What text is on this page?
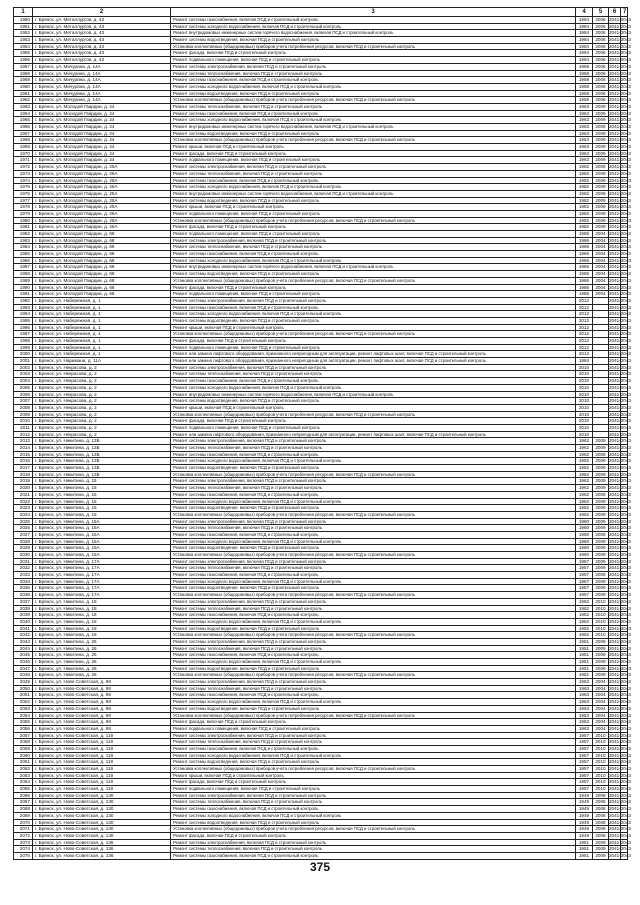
1	2	3	4	5	6	7
1950	г. Брянск, ул. Металлургов, д. 43	Ремонт системы газоснабжения, включая ПСД и строительный контроль	1984	2006	2041-2043	
1951	г. Брянск, ул. Металлургов, д. 43	Ремонт системы холодного водоснабжения, включая ПСД и строительный контроль	1984	2006	2041-2043	
1952	г. Брянск, ул. Металлургов, д. 43	Ремонт внутридомовых инженерных систем горячего водоснабжения, включая ПСД и строительный контроль	1984	2006	2041-2043	
1953	г. Брянск, ул. Металлургов, д. 43	Ремонт системы водоотведения, включая ПСД и строительный контроль	1984	2006	2041-2043	
1954	г. Брянск, ул. Металлургов, д. 43	Установка коллективных (общедомовых) приборов учета потребления ресурсов, включая ПСД и строительный контроль	1984	2006	2041-2043	
1955	г. Брянск, ул. Металлургов, д. 43	Ремонт фасада, включая ПСД и строительный контроль	1984	2006	2041-2043	
1956	г. Брянск, ул. Металлургов, д. 43	Ремонт подвального помещения, включая ПСД и строительный контроль	1984	2006	2041-2043	
1957	г. Брянск, ул. Мичурина, д. 14А	Ремонт системы электроснабжения, включая ПСД и строительный контроль	1958	2006	2041-2043	
1958	г. Брянск, ул. Мичурина, д. 14А	Ремонт системы теплоснабжения, включая ПСД и строительный контроль	1958	2006	2041-2043	
1959	г. Брянск, ул. Мичурина, д. 14А	Ремонт системы газоснабжения, включая ПСД и строительный контроль	1958	2006	2041-2043	
1960	г. Брянск, ул. Мичурина, д. 14А	Ремонт системы холодного водоснабжения, включая ПСД и строительный контроль	1958	2006	2041-2043	
1961	г. Брянск, ул. Мичурина, д. 14А	Ремонт системы водоотведения, включая ПСД и строительный контроль	1958	2006	2041-2043	
1962	г. Брянск, ул. Мичурина, д. 14А	Установка коллективных (общедомовых) приборов учета потребления ресурсов, включая ПСД и строительный контроль	1958	2006	2041-2043	
1963	г. Брянск, ул. Молодой Гвардии, д. 24	Ремонт системы теплоснабжения, включая ПСД и строительный контроль	1963	2009	2041-2043	
1964	г. Брянск, ул. Молодой Гвардии, д. 24	Ремонт системы газоснабжения, включая ПСД и строительный контроль	1963	2009	2041-2043	
1965	г. Брянск, ул. Молодой Гвардии, д. 24	Ремонт системы холодного водоснабжения, включая ПСД и строительный контроль	1963	2009	2041-2043	
1966	г. Брянск, ул. Молодой Гвардии, д. 24	Ремонт внутридомовых инженерных систем горячего водоснабжения, включая ПСД и строительный контроль	1963	2009	2041-2043	
1967	г. Брянск, ул. Молодой Гвардии, д. 24	Ремонт системы водоотведения, включая ПСД и строительный контроль	1963	2009	2041-2043	
1968	г. Брянск, ул. Молодой Гвардии, д. 24	Установка коллективных (общедомовых) приборов учета потребления ресурсов, включая ПСД и строительный контроль	1963	2009	2041-2043	
1969	г. Брянск, ул. Молодой Гвардии, д. 24	Ремонт крыши, включая ПСД и строительный контроль	1963	2009	2041-2043	
1970	г. Брянск, ул. Молодой Гвардии, д. 24	Ремонт фасада, включая ПСД и строительный контроль	1963	2009	2041-2043	
1971	г. Брянск, ул. Молодой Гвардии, д. 24	Ремонт подвального помещения, включая ПСД и строительный контроль	1963	2009	2041-2043	
1972	г. Брянск, ул. Молодой Гвардии, д. 25А	Ремонт системы электроснабжения, включая ПСД и строительный контроль	1982	2009	2041-2043	
1973	г. Брянск, ул. Молодой Гвардии, д. 25А	Ремонт системы теплоснабжения, включая ПСД и строительный контроль	1982	2009	2041-2043	
1974	г. Брянск, ул. Молодой Гвардии, д. 25А	Ремонт системы газоснабжения, включая ПСД и строительный контроль	1982	2009	2041-2043	
1975	г. Брянск, ул. Молодой Гвардии, д. 25А	Ремонт системы холодного водоснабжения, включая ПСД и строительный контроль	1982	2009	2041-2043	
1976	г. Брянск, ул. Молодой Гвардии, д. 25А	Ремонт внутридомовых инженерных систем горячего водоснабжения, включая ПСД и строительный контроль	1982	2009	2041-2043	
1977	г. Брянск, ул. Молодой Гвардии, д. 25А	Ремонт системы водоотведения, включая ПСД и строительный контроль	1982	2009	2041-2043	
1978	г. Брянск, ул. Молодой Гвардии, д. 25А	Ремонт крыши, включая ПСД и строительный контроль	1982	2009	2041-2043	
1979	г. Брянск, ул. Молодой Гвардии, д. 25А	Ремонт подвального помещения, включая ПСД и строительный контроль	1982	2009	2041-2043	
1980	г. Брянск, ул. Молодой Гвардии, д. 25А	Установка коллективных (общедомовых) приборов учета потребления ресурсов, включая ПСД и строительный контроль	1982	2009	2041-2043	
1981	г. Брянск, ул. Молодой Гвардии, д. 25А	Ремонт фасада, включая ПСД и строительный контроль	1982	2009	2041-2043	
1982	г. Брянск, ул. Молодой Гвардии, д. 68	Ремонт подвального помещения, включая ПСД и строительный контроль	1986	2004	2041-2043	
1983	г. Брянск, ул. Молодой Гвардии, д. 68	Ремонт системы электроснабжения, включая ПСД и строительный контроль	1986	2004	2041-2043	
1984	г. Брянск, ул. Молодой Гвардии, д. 68	Ремонт системы теплоснабжения, включая ПСД и строительный контроль	1986	2004	2041-2043	
1985	г. Брянск, ул. Молодой Гвардии, д. 68	Ремонт системы газоснабжения, включая ПСД и строительный контроль	1986	2004	2041-2043	
1986	г. Брянск, ул. Молодой Гвардии, д. 68	Ремонт системы холодного водоснабжения, включая ПСД и строительный контроль	1986	2004	2041-2043	
1987	г. Брянск, ул. Молодой Гвардии, д. 68	Ремонт внутридомовых инженерных систем горячего водоснабжения, включая ПСД и строительный контроль	1986	2004	2041-2043	
1988	г. Брянск, ул. Молодой Гвардии, д. 68	Ремонт системы водоотведения, включая ПСД и строительный контроль	1986	2004	2041-2043	
1989	г. Брянск, ул. Молодой Гвардии, д. 68	Установка коллективных (общедомовых) приборов учета потребления ресурсов, включая ПСД и строительный контроль	1986	2004	2041-2043	
1990	г. Брянск, ул. Молодой Гвардии, д. 68	Ремонт фасада, включая ПСД и строительный контроль	1986	2004	2041-2043	
1991	г. Брянск, ул. Молодой Гвардии, д. 68	Ремонт подвального помещения, включая ПСД и строительный контроль	1986	2004	2041-2043	
1992	г. Брянск, ул. Набережная, д. 1	Ремонт системы электроснабжения, включая ПСД и строительный контроль	2012		2041-2043	
1993	г. Брянск, ул. Набережная, д. 1	Ремонт системы газоснабжения, включая ПСД и строительный контроль	2012		2041-2043	
1994	г. Брянск, ул. Набережная, д. 1	Ремонт системы холодного водоснабжения, включая ПСД и строительный контроль	2012		2041-2043	
1995	г. Брянск, ул. Набережная, д. 1	Ремонт системы водоотведения, включая ПСД и строительный контроль	2012		2041-2043	
1996	г. Брянск, ул. Набережная, д. 1	Ремонт крыши, включая ПСД и строительный контроль	2012		2041-2043	
1997	г. Брянск, ул. Набережная, д. 1	Установка коллективных (общедомовых) приборов учета потребления ресурсов, включая ПСД и строительный контроль	2012		2041-2043	
1998	г. Брянск, ул. Набережная, д. 1	Ремонт фасада, включая ПСД и строительный контроль	2012		2041-2043	
1999	г. Брянск, ул. Набережная, д. 1	Ремонт подвального помещения, включая ПСД и строительный контроль	2012		2041-2043	
2000	г. Брянск, ул. Набережная, д. 1	Ремонт или замена лифтового оборудования, признанного непригодным для эксплуатации, ремонт лифтовых шахт, включая ПСД и строительный контроль	2012		2041-2043	
2001	г. Брянск, ул. Наримана, д. 11А	Ремонт или замена лифтового оборудования, признанного непригодным для эксплуатации, ремонт лифтовых шахт, включая ПСД и строительный контроль	1984		2041-2043	
2002	г. Брянск, ул. Некрасова, д. 2	Ремонт системы электроснабжения, включая ПСД и строительный контроль	2010		2041-2043	
2003	г. Брянск, ул. Некрасова, д. 2	Ремонт системы теплоснабжения, включая ПСД и строительный контроль	2010		2041-2043	
2004	г. Брянск, ул. Некрасова, д. 2	Ремонт системы газоснабжения, включая ПСД и строительный контроль	2010		2041-2043	
2005	г. Брянск, ул. Некрасова, д. 2	Ремонт системы холодного водоснабжения, включая ПСД и строительный контроль	2010		2041-2043	
2006	г. Брянск, ул. Некрасова, д. 2	Ремонт внутридомовых инженерных систем горячего водоснабжения, включая ПСД и строительный контроль	2010		2041-2043	
2007	г. Брянск, ул. Некрасова, д. 2	Ремонт системы водоотведения, включая ПСД и строительный контроль	2010		2041-2043	
2008	г. Брянск, ул. Некрасова, д. 2	Ремонт крыши, включая ПСД и строительный контроль	2010		2041-2043	
2009	г. Брянск, ул. Некрасова, д. 2	Установка коллективных (общедомовых) приборов учета потребления ресурсов, включая ПСД и строительный контроль	2010		2041-2043	
2010	г. Брянск, ул. Некрасова, д. 2	Ремонт фасада, включая ПСД и строительный контроль	2010		2041-2043	
2011	г. Брянск, ул. Некрасова, д. 2	Ремонт подвального помещения, включая ПСД и строительный контроль	2010		2041-2043	
2012	г. Брянск, ул. Некрасова, д. 2	Ремонт или замена лифтового оборудования, признанного непригодным для эксплуатации, ремонт лифтовых шахт, включая ПСД и строительный контроль	2010		2041-2043	
2013	г. Брянск, ул. Никитина, д. 13Б	Ремонт системы электроснабжения, включая ПСД и строительный контроль	1962	2009	2041-2043	
2014	г. Брянск, ул. Никитина, д. 13Б	Ремонт системы теплоснабжения, включая ПСД и строительный контроль	1962	2009	2041-2043	
2015	г. Брянск, ул. Никитина, д. 13Б	Ремонт системы газоснабжения, включая ПСД и строительный контроль	1962	2009	2041-2043	
2016	г. Брянск, ул. Никитина, д. 13Б	Ремонт системы холодного водоснабжения, включая ПСД и строительный контроль	1962	2009	2041-2043	
2017	г. Брянск, ул. Никитина, д. 13Б	Ремонт системы водоотведения, включая ПСД и строительный контроль	1962	2009	2041-2043	
2018	г. Брянск, ул. Никитина, д. 13Б	Установка коллективных (общедомовых) приборов учета потребления ресурсов, включая ПСД и строительный контроль	1962	2009	2041-2043	
2019	г. Брянск, ул. Никитина, д. 15	Ремонт системы электроснабжения, включая ПСД и строительный контроль	1962	2009	2041-2043	
2020	г. Брянск, ул. Никитина, д. 15	Ремонт системы теплоснабжения, включая ПСД и строительный контроль	1962	2009	2041-2043	
2021	г. Брянск, ул. Никитина, д. 15	Ремонт системы газоснабжения, включая ПСД и строительный контроль	1962	2009	2041-2043	
2022	г. Брянск, ул. Никитина, д. 15	Ремонт системы холодного водоснабжения, включая ПСД и строительный контроль	1962	2009	2041-2043	
2023	г. Брянск, ул. Никитина, д. 15	Ремонт системы водоотведения, включая ПСД и строительный контроль	1962	2009	2041-2043	
2024	г. Брянск, ул. Никитина, д. 15	Установка коллективных (общедомовых) приборов учета потребления ресурсов, включая ПСД и строительный контроль	1962	2009	2041-2043	
2025	г. Брянск, ул. Никитина, д. 15А	Ремонт системы электроснабжения, включая ПСД и строительный контроль	1960	2009	2041-2043	
2026	г. Брянск, ул. Никитина, д. 15А	Ремонт системы теплоснабжения, включая ПСД и строительный контроль	1960	2009	2041-2043	
2027	г. Брянск, ул. Никитина, д. 15А	Ремонт системы газоснабжения, включая ПСД и строительный контроль	1960	2009	2041-2043	
2028	г. Брянск, ул. Никитина, д. 15А	Ремонт системы холодного водоснабжения, включая ПСД и строительный контроль	1960	2009	2041-2043	
2029	г. Брянск, ул. Никитина, д. 15А	Ремонт системы водоотведения, включая ПСД и строительный контроль	1960	2009	2041-2043	
2030	г. Брянск, ул. Никитина, д. 15А	Установка коллективных (общедомовых) приборов учета потребления ресурсов, включая ПСД и строительный контроль	1960	2009	2041-2043	
2031	г. Брянск, ул. Никитина, д. 17А	Ремонт системы электроснабжения, включая ПСД и строительный контроль	1957	2009	2041-2043	
2032	г. Брянск, ул. Никитина, д. 17А	Ремонт системы теплоснабжения, включая ПСД и строительный контроль	1957	2009	2041-2043	
2033	г. Брянск, ул. Никитина, д. 17А	Ремонт системы газоснабжения, включая ПСД и строительный контроль	1957	2009	2041-2043	
2034	г. Брянск, ул. Никитина, д. 17А	Ремонт системы холодного водоснабжения, включая ПСД и строительный контроль	1957	2009	2041-2043	
2035	г. Брянск, ул. Никитина, д. 17А	Ремонт системы водоотведения, включая ПСД и строительный контроль	1957	2009	2041-2043	
2036	г. Брянск, ул. Никитина, д. 17А	Установка коллективных (общедомовых) приборов учета потребления ресурсов, включая ПСД и строительный контроль	1957	2009	2041-2043	
2037	г. Брянск, ул. Никитина, д. 18	Ремонт системы электроснабжения, включая ПСД и строительный контроль	1962	2010	2041-2043	
2038	г. Брянск, ул. Никитина, д. 18	Ремонт системы теплоснабжения, включая ПСД и строительный контроль	1962	2010	2041-2043	
2039	г. Брянск, ул. Никитина, д. 18	Ремонт системы газоснабжения, включая ПСД и строительный контроль	1962	2010	2041-2043	
2040	г. Брянск, ул. Никитина, д. 18	Ремонт системы холодного водоснабжения, включая ПСД и строительный контроль	1962	2010	2041-2043	
2041	г. Брянск, ул. Никитина, д. 18	Ремонт системы водоотведения, включая ПСД и строительный контроль	1962	2010	2041-2043	
2042	г. Брянск, ул. Никитина, д. 18	Установка коллективных (общедомовых) приборов учета потребления ресурсов, включая ПСД и строительный контроль	1962	2010	2041-2043	
2043	г. Брянск, ул. Никитина, д. 26	Ремонт системы электроснабжения, включая ПСД и строительный контроль	1951	2009	2041-2043	
2044	г. Брянск, ул. Никитина, д. 26	Ремонт системы теплоснабжения, включая ПСД и строительный контроль	1951	2009	2041-2043	
2045	г. Брянск, ул. Никитина, д. 26	Ремонт системы газоснабжения, включая ПСД и строительный контроль	1951	2009	2041-2043	
2046	г. Брянск, ул. Никитина, д. 26	Ремонт системы холодного водоснабжения, включая ПСД и строительный контроль	1951	2009	2041-2043	
2047	г. Брянск, ул. Никитина, д. 26	Ремонт системы водоотведения, включая ПСД и строительный контроль	1951	2009	2041-2043	
2048	г. Брянск, ул. Никитина, д. 26	Установка коллективных (общедомовых) приборов учета потребления ресурсов, включая ПСД и строительный контроль	1951	2009	2041-2043	
2049	г. Брянск, ул. Ново-Советская, д. 98	Ремонт системы электроснабжения, включая ПСД и строительный контроль	1963	2004	2041-2043	
2050	г. Брянск, ул. Ново-Советская, д. 98	Ремонт системы теплоснабжения, включая ПСД и строительный контроль	1963	2004	2041-2043	
2051	г. Брянск, ул. Ново-Советская, д. 98	Ремонт системы газоснабжения, включая ПСД и строительный контроль	1963	2004	2041-2043	
2052	г. Брянск, ул. Ново-Советская, д. 98	Ремонт системы холодного водоснабжения, включая ПСД и строительный контроль	1963	2004	2041-2043	
2053	г. Брянск, ул. Ново-Советская, д. 98	Ремонт системы водоотведения, включая ПСД и строительный контроль	1963	2004	2041-2043	
2054	г. Брянск, ул. Ново-Советская, д. 98	Установка коллективных (общедомовых) приборов учета потребления ресурсов, включая ПСД и строительный контроль	1963	2004	2041-2043	
2055	г. Брянск, ул. Ново-Советская, д. 98	Ремонт фасада, включая ПСД и строительный контроль	1963	2004	2041-2043	
2056	г. Брянск, ул. Ново-Советская, д. 98	Ремонт подвального помещения, включая ПСД и строительный контроль	1963	2004	2041-2043	
2057	г. Брянск, ул. Ново-Советская, д. 119	Ремонт системы электроснабжения, включая ПСД и строительный контроль	1957	2010	2041-2043	
2058	г. Брянск, ул. Ново-Советская, д. 119	Ремонт системы теплоснабжения, включая ПСД и строительный контроль	1957	2010	2041-2043	
2059	г. Брянск, ул. Ново-Советская, д. 119	Ремонт системы газоснабжения, включая ПСД и строительный контроль	1957	2010	2041-2043	
2060	г. Брянск, ул. Ново-Советская, д. 119	Ремонт системы холодного водоснабжения, включая ПСД и строительный контроль	1957	2010	2041-2043	
2061	г. Брянск, ул. Ново-Советская, д. 119	Ремонт системы водоотведения, включая ПСД и строительный контроль	1957	2010	2041-2043	
2062	г. Брянск, ул. Ново-Советская, д. 119	Установка коллективных (общедомовых) приборов учета потребления ресурсов, включая ПСД и строительный контроль	1957	2010	2041-2043	
2063	г. Брянск, ул. Ново-Советская, д. 119	Ремонт крыши, включая ПСД и строительный контроль	1957	2010	2041-2043	
2064	г. Брянск, ул. Ново-Советская, д. 119	Ремонт фасада, включая ПСД и строительный контроль	1957	2010	2041-2043	
2065	г. Брянск, ул. Ново-Советская, д. 119	Ремонт подвального помещения, включая ПСД и строительный контроль	1957	2010	2041-2043	
2066	г. Брянск, ул. Ново-Советская, д. 130	Ремонт системы электроснабжения, включая ПСД и строительный контроль	1949	2008	2041-2043	
2067	г. Брянск, ул. Ново-Советская, д. 130	Ремонт системы теплоснабжения, включая ПСД и строительный контроль	1949	2008	2041-2043	
2068	г. Брянск, ул. Ново-Советская, д. 130	Ремонт системы газоснабжения, включая ПСД и строительный контроль	1949	2008	2041-2043	
2069	г. Брянск, ул. Ново-Советская, д. 130	Ремонт системы холодного водоснабжения, включая ПСД и строительный контроль	1949	2008	2041-2043	
2070	г. Брянск, ул. Ново-Советская, д. 130	Ремонт системы водоотведения, включая ПСД и строительный контроль	1949	2008	2041-2043	
2071	г. Брянск, ул. Ново-Советская, д. 130	Установка коллективных (общедомовых) приборов учета потребления ресурсов, включая ПСД и строительный контроль	1949	2008	2041-2043	
2072	г. Брянск, ул. Ново-Советская, д. 130	Ремонт фасада, включая ПСД и строительный контроль	1949	2008	2041-2043	
2073	г. Брянск, ул. Ново-Советская, д. 136	Ремонт системы электроснабжения, включая ПСД и строительный контроль	1951	2009	2041-2043	
2074	г. Брянск, ул. Ново-Советская, д. 136	Ремонт системы теплоснабжения, включая ПСД и строительный контроль	1951	2009	2041-2043	
2075	г. Брянск, ул. Ново-Советская, д. 136	Ремонт системы газоснабжения, включая ПСД и строительный контроль	1951	2009	2041-2043	
375
